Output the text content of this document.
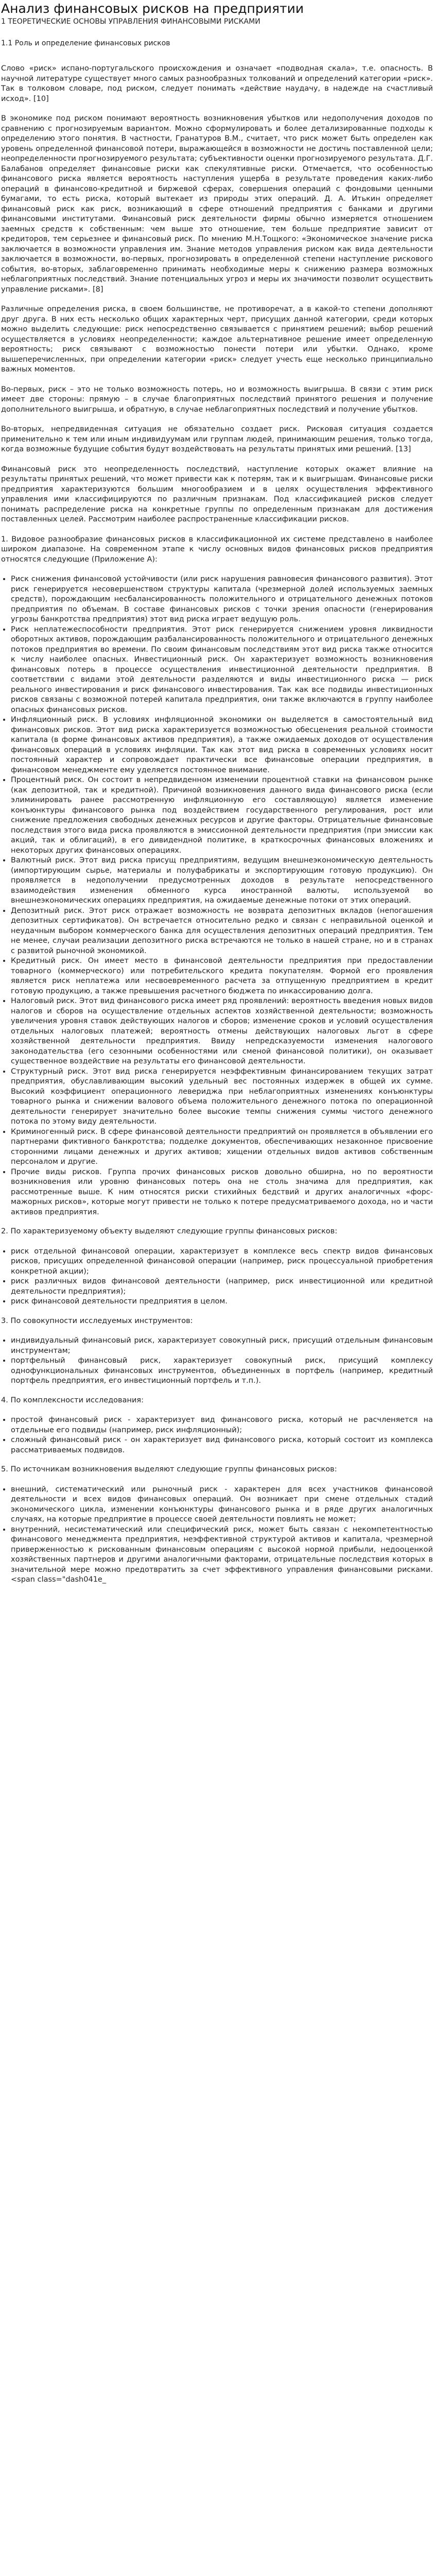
Анализ финансовых рисков на предприятии
1 ТЕОРЕТИЧЕСКИЕ ОСНОВЫ УПРАВЛЕНИЯ ФИНАНСОВЫМИ РИСКАМИ
1.1 Роль и определение финансовых рисков

Слово «риск» испано-португальского происхождения и означает «подводная скала», т.е. опасность. В научной литературе существует много самых разнообразных толкований и определений категории «риск». Так в толковом словаре, под риском, следует понимать «действие наудачу, в надежде на счастливый исход». [10]

В экономике под риском понимают вероятность возникновения убытков или недополучения доходов по сравнению с прогнозируемым вариантом. Можно сформулировать и более детализированные подходы к определению этого понятия. В частности, Гранатуров В.М., считает, что риск может быть определен как уровень определенной финансовой потери, выражающейся в возможности не достичь поставленной цели; неопределенности прогнозируемого результата; субъективности оценки прогнозируемого результата. Д.Г. Балабанов определяет финансовые риски как спекулятивные риски. Отмечается, что особенностью финансового риска является вероятность наступления ущерба в результате проведения каких-либо операций в финансово-кредитной и биржевой сферах, совершения операций с фондовыми ценными бумагами, то есть риска, который вытекает из природы этих операций. Д. А. Итькин определяет финансовый риск как риск, возникающий в сфере отношений предприятия с банками и другими финансовыми институтами. Финансовый риск деятельности фирмы обычно измеряется отношением заемных средств к собственным: чем выше это отношение, тем больше предприятие зависит от кредиторов, тем серьезнее и финансовый риск. По мнению М.Н.Тощкого: «Экономическое значение риска заключается в возможности управления им. Знание методов управления риском как вида деятельности заключается в возможности, во-первых, прогнозировать в определенной степени наступление рискового события, во-вторых, заблаговременно принимать необходимые меры к снижению размера возможных неблагоприятных последствий. Знание потенциальных угроз и меры их значимости позволит осуществить управление рисками». [8]

Различные определения риска, в своем большинстве, не противоречат, а в какой-то степени дополняют друг друга. В них есть несколько общих характерных черт, присущих данной категории, среди которых можно выделить следующие: риск непосредственно связывается с принятием решений; выбор решений осуществляется в условиях неопределенности; каждое альтернативное решение имеет определенную вероятность; риск связывают с возможностью понести потери или убытки. Однако, кроме вышеперечисленных, при определении категории «риск» следует учесть еще несколько принципиально важных моментов.

Во-первых, риск – это не только возможность потерь, но и возможность выигрыша. В связи с этим риск имеет две стороны: прямую – в случае благоприятных последствий принятого решения и получение дополнительного выигрыша, и обратную, в случае неблагоприятных последствий и получение убытков.

Во-вторых, непредвиденная ситуация не обязательно создает риск. Рисковая ситуация создается применительно к тем или иным индивидуумам или группам людей, принимающим решения, только тогда, когда возможные будущие события будут воздействовать на результаты принятых ими решений. [13]

Финансовый риск это неопределенность последствий, наступление которых окажет влияние на результаты принятых решений, что может привести как к потерям, так и к выигрышам. Финансовые риски предприятия характеризуются большим многообразием и в целях осуществления эффективного управления ими классифицируются по различным признакам. Под классификацией рисков следует понимать распределение риска на конкретные группы по определенным признакам для достижения поставленных целей. Рассмотрим наиболее распространенные классификации рисков.

1. Видовое разнообразие финансовых рисков в классификационной их системе представлено в наиболее широком диапазоне. На современном этапе к числу основных видов финансовых рисков предприятия относятся следующие (Приложение А):

• Риск снижения финансовой устойчивости (или риск нарушения равновесия финансового развития). Этот риск генерируется несовершенством структуры капитала (чрезмерной долей используемых заемных средств), порождающим несбалансированность положительного и отрицательного денежных потоков предприятия по объемам. В составе финансовых рисков с точки зрения опасности (генерирования угрозы банкротства предприятия) этот вид риска играет ведущую роль.
• Риск неплатежеспособности предприятия. Этот риск генерируется снижением уровня ликвидности оборотных активов, порождающим разбалансированность положительного и отрицательного денежных потоков предприятия во времени. По своим финансовым последствиям этот вид риска также относится к числу наиболее опасных. Инвестиционный риск. Он характеризует возможность возникновения финансовых потерь в процессе осуществления инвестиционной деятельности предприятия. В соответствии с видами этой деятельности разделяются и виды инвестиционного риска — риск реального инвестирования и риск финансового инвестирования. Так как все подвиды инвестиционных рисков связаны с возможной потерей капитала предприятия, они также включаются в группу наиболее опасных финансовых рисков.
• Инфляционный риск. В условиях инфляционной экономики он выделяется в самостоятельный вид финансовых рисков. Этот вид риска характеризуется возможностью обесценения реальной стоимости капитала (в форме финансовых активов предприятия), а также ожидаемых доходов от осуществления финансовых операций в условиях инфляции. Так как этот вид риска в современных условиях носит постоянный характер и сопровождает практически все финансовые операции предприятия, в финансовом менеджменте ему уделяется постоянное внимание.
• Процентный риск. Он состоит в непредвиденном изменении процентной ставки на финансовом рынке (как депозитной, так и кредитной). Причиной возникновения данного вида финансового риска (если элиминировать ранее рассмотренную инфляционную его составляющую) является изменение конъюнктуры финансового рынка под воздействием государственного регулирования, рост или снижение предложения свободных денежных ресурсов и другие факторы. Отрицательные финансовые последствия этого вида риска проявляются в эмиссионной деятельности предприятия (при эмиссии как акций, так и облигаций), в его дивидендной политике, в краткосрочных финансовых вложениях и некоторых других финансовых операциях.
• Валютный риск. Этот вид риска присущ предприятиям, ведущим внешнеэкономическую деятельность (импортирующим сырье, материалы и полуфабрикаты и экспортирующим готовую продукцию). Он проявляется в недополучении предусмотренных доходов в результате непосредственного взаимодействия изменения обменного курса иностранной валюты, используемой во внешнеэкономических операциях предприятия, на ожидаемые денежные потоки от этих операций.
• Депозитный риск. Этот риск отражает возможность не возврата депозитных вкладов (непогашения депозитных сертификатов). Он встречается относительно редко и связан с неправильной оценкой и неудачным выбором коммерческого банка для осуществления депозитных операций предприятия. Тем не менее, случаи реализации депозитного риска встречаются не только в нашей стране, но и в странах с развитой рыночной экономикой.
• Кредитный риск. Он имеет место в финансовой деятельности предприятия при предоставлении товарного (коммерческого) или потребительского кредита покупателям. Формой его проявления является риск неплатежа или несвоевременного расчета за отпущенную предприятием в кредит готовую продукцию, а также превышения расчетного бюджета по инкассированию долга.
• Налоговый риск. Этот вид финансового риска имеет ряд проявлений: вероятность введения новых видов налогов и сборов на осуществление отдельных аспектов хозяйственной деятельности; возможность увеличения уровня ставок действующих налогов и сборов; изменение сроков и условий осуществления отдельных налоговых платежей; вероятность отмены действующих налоговых льгот в сфере хозяйственной деятельности предприятия. Ввиду непредсказуемости изменения налогового законодательства (его сезонными особенностями или сменой финансовой политики), он оказывает существенное воздействие на результаты его финансовой деятельности.
• Структурный риск. Этот вид риска генерируется неэффективным финансированием текущих затрат предприятия, обуславливающим высокий удельный вес постоянных издержек в общей их сумме. Высокий коэффициент операционного левериджа при неблагоприятных изменениях конъюнктуры товарного рынка и снижении валового объема положительного денежного потока по операционной деятельности генерирует значительно более высокие темпы снижения суммы чистого денежного потока по этому виду деятельности.
• Криминогенный риск. В сфере финансовой деятельности предприятий он проявляется в объявлении его партнерами фиктивного банкротства; подделке документов, обеспечивающих незаконное присвоение сторонними лицами денежных и других активов; хищении отдельных видов активов собственным персоналом и другие.
• Прочие виды рисков. Группа прочих финансовых рисков довольно обширна, но по вероятности возникновения или уровню финансовых потерь она не столь значима для предприятия, как рассмотренные выше. К ним относятся риски стихийных бедствий и других аналогичных «форс-мажорных рисков», которые могут привести не только к потере предусматриваемого дохода, но и части активов предприятия.

2. По характеризуемому объекту выделяют следующие группы финансовых рисков:

• риск отдельной финансовой операции, характеризует в комплексе весь спектр видов финансовых рисков, присущих определенной финансовой операции (например, риск процессуальной приобретения конкретной акции);
• риск различных видов финансовой деятельности (например, риск инвестиционной или кредитной деятельности предприятия);
• риск финансовой деятельности предприятия в целом.

3. По совокупности исследуемых инструментов:

• индивидуальный финансовый риск, характеризует совокупный риск, присущий отдельным финансовым инструментам;
• портфельный финансовый риск, характеризует совокупный риск, присущий комплексу однофункциональных финансовых инструментов, объединенных в портфель (например, кредитный портфель предприятия, его инвестиционный портфель и т.п.).

4. По комплексности исследования:

• простой финансовый риск - характеризует вид финансового риска, который не расчленяется на отдельные его подвиды (например, риск инфляционный);
• сложный финансовый риск - он характеризует вид финансового риска, который состоит из комплекса рассматриваемых подвидов.

5. По источникам возникновения выделяют следующие группы финансовых рисков:

• внешний, систематический или рыночный риск - характерен для всех участников финансовой деятельности и всех видов финансовых операций. Он возникает при смене отдельных стадий экономического цикла, изменении конъюнктуры финансового рынка и в ряде других аналогичных случаях, на которые предприятие в процессе своей деятельности повлиять не может;
• внутренний, несистематический или специфический риск, может быть связан с некомпетентностью финансового менеджмента предприятия, неэффективной структурой активов и капитала, чрезмерной приверженностью к рискованным финансовым операциям с высокой нормой прибыли, недооценкой хозяйственных партнеров и другими аналогичными факторами, отрицательные последствия которых в значительной мере можно предотвратить за счет эффективного управления финансовыми рисками.<span class="dash041e_
